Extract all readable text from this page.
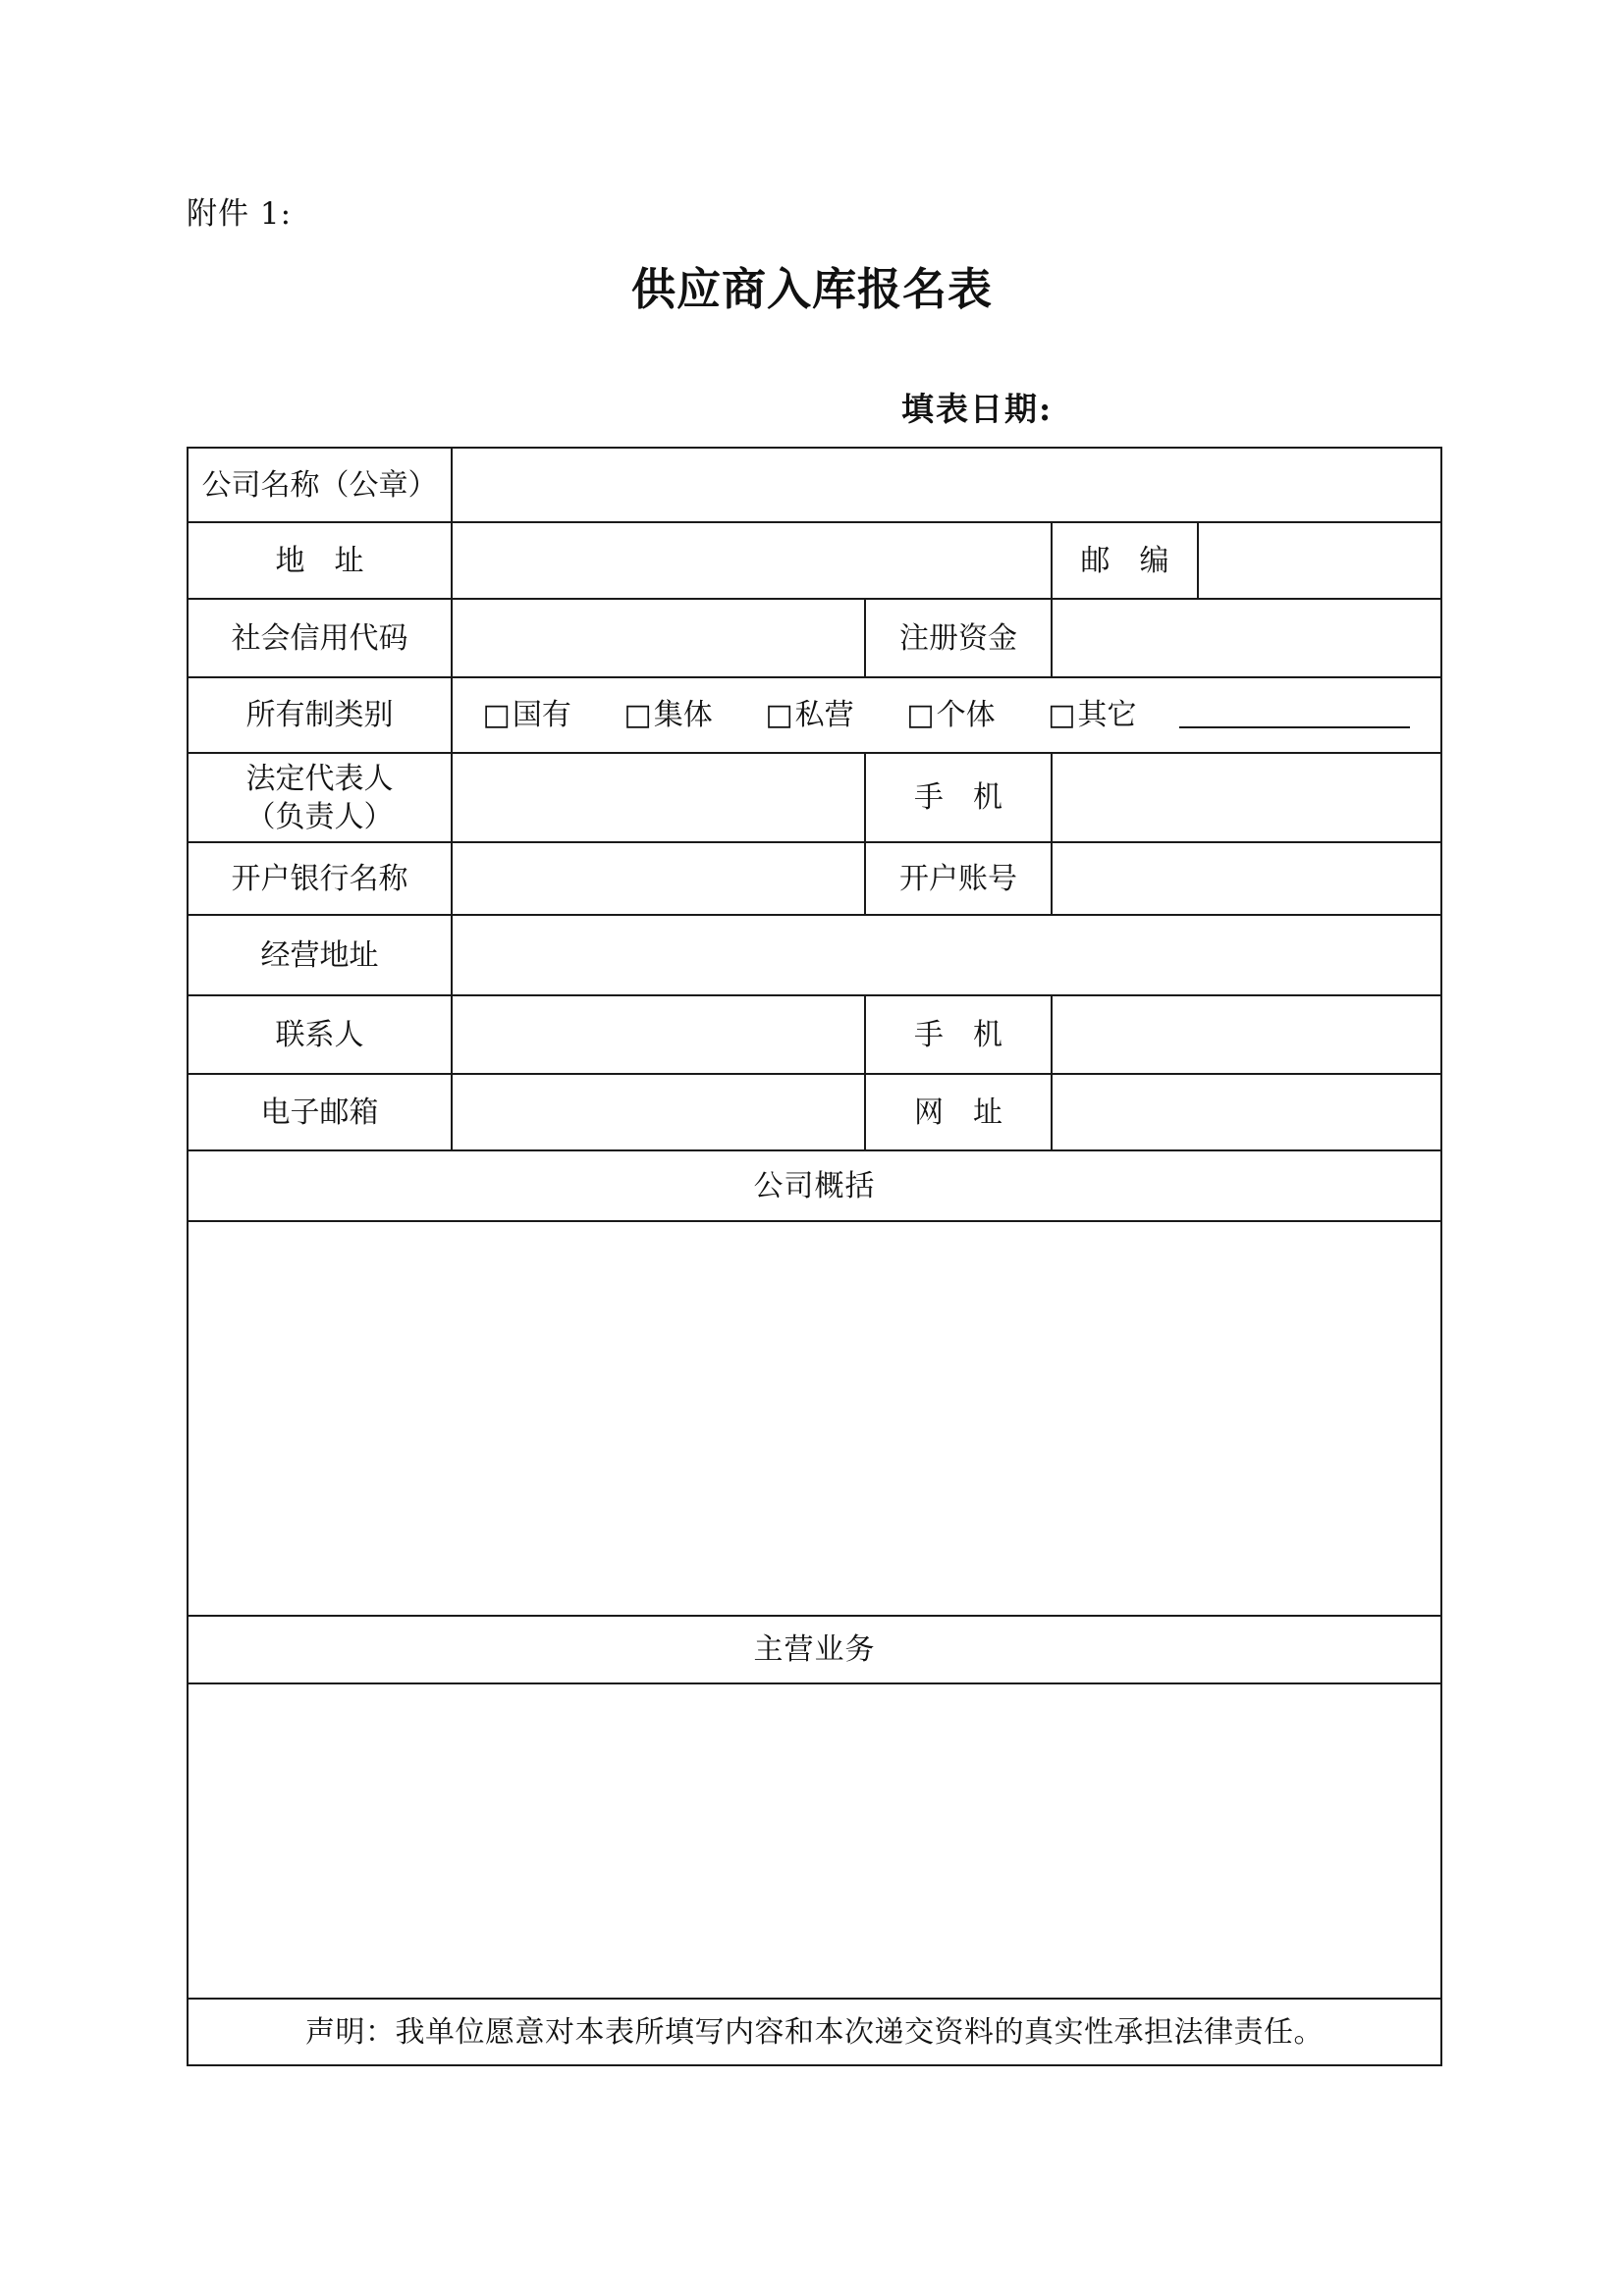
附件 1:
供应商入库报名表
填表日期:
公司名称（公章）				
地　址			邮　编	
社会信用代码		注册资金		
所有制类别	□国有 □集体 □私营 □个体 □其它			
法定代表人
（负责人）		手　机		
开户银行名称		开户账号		
经营地址				
联系人		手　机		
电子邮箱		网　址		
公司概括				

主营业务				

声明：我单位愿意对本表所填写内容和本次递交资料的真实性承担法律责任。				
